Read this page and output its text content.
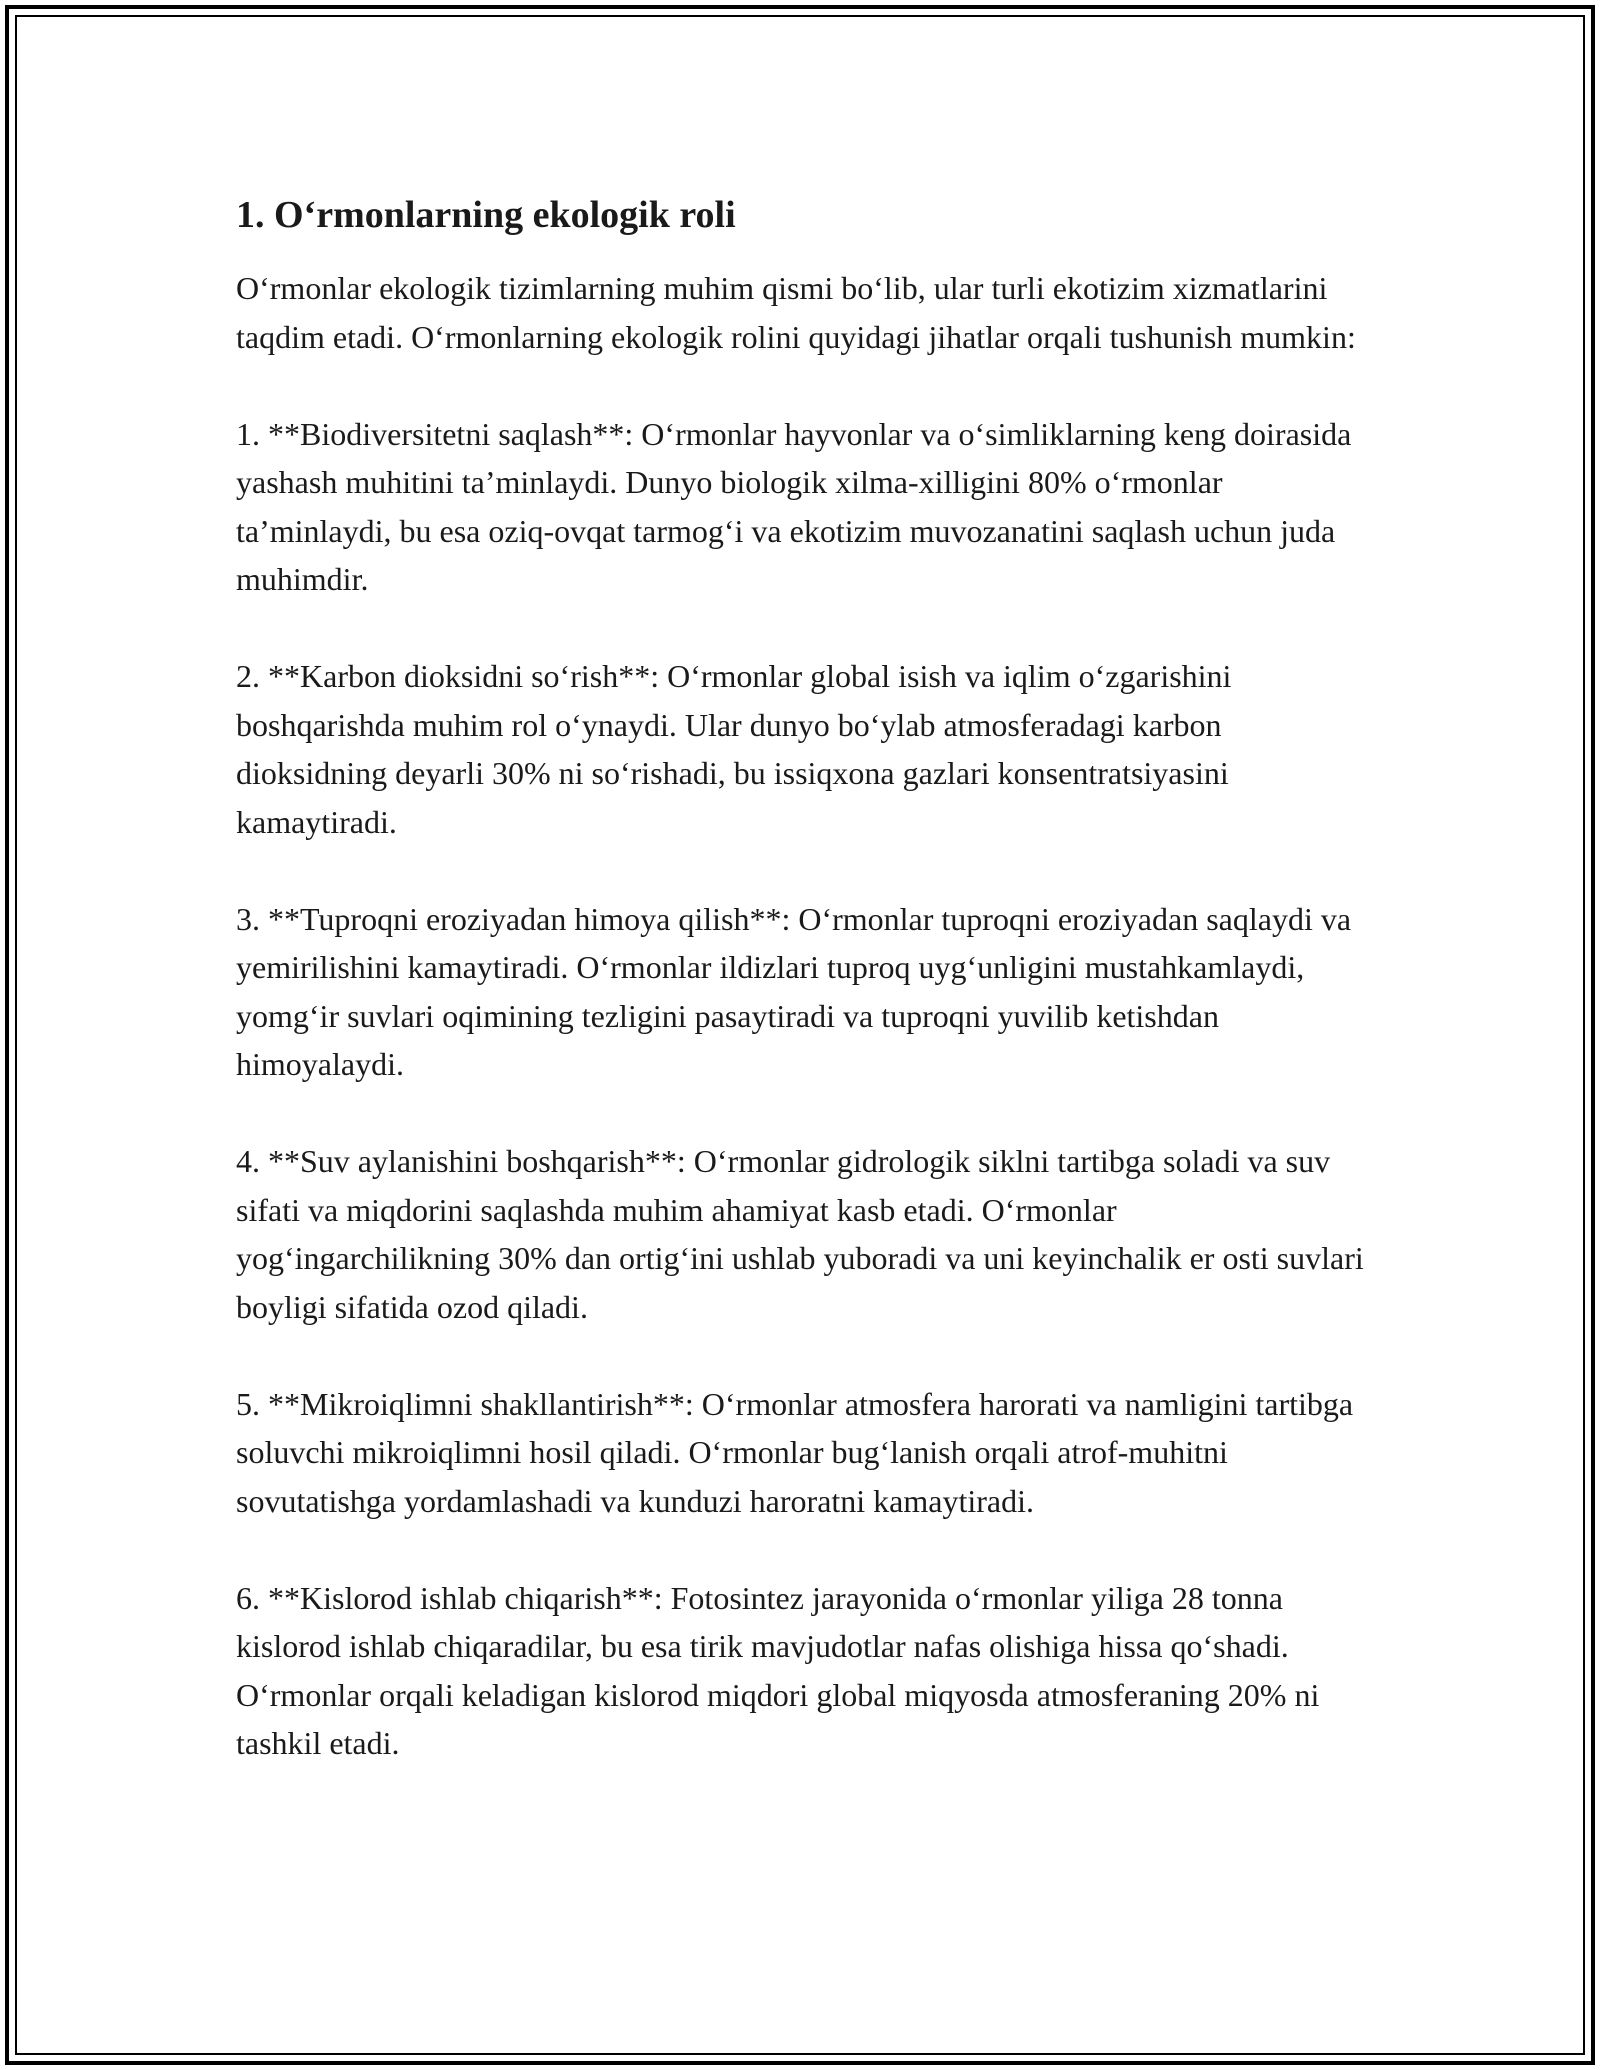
1. O‘rmonlarning ekologik roli

O‘rmonlar ekologik tizimlarning muhim qismi bo‘lib, ular turli ekotizim xizmatlarini taqdim etadi. O‘rmonlarning ekologik rolini quyidagi jihatlar orqali tushunish mumkin:

1. **Biodiversitetni saqlash**: O‘rmonlar hayvonlar va o‘simliklarning keng doirasida yashash muhitini ta’minlaydi. Dunyo biologik xilma-xilligini 80% o‘rmonlar ta’minlaydi, bu esa oziq-ovqat tarmog‘i va ekotizim muvozanatini saqlash uchun juda muhimdir.

2. **Karbon dioksidni so‘rish**: O‘rmonlar global isish va iqlim o‘zgarishini boshqarishda muhim rol o‘ynaydi. Ular dunyo bo‘ylab atmosferadagi karbon dioksidning deyarli 30% ni so‘rishadi, bu issiqxona gazlari konsentratsiyasini kamaytiradi.

3. **Tuproqni eroziyadan himoya qilish**: O‘rmonlar tuproqni eroziyadan saqlaydi va yemirilishini kamaytiradi. O‘rmonlar ildizlari tuproq uyg‘unligini mustahkamlaydi, yomg‘ir suvlari oqimining tezligini pasaytiradi va tuproqni yuvilib ketishdan himoyalaydi.

4. **Suv aylanishini boshqarish**: O‘rmonlar gidrologik siklni tartibga soladi va suv sifati va miqdorini saqlashda muhim ahamiyat kasb etadi. O‘rmonlar yog‘ingarchilikning 30% dan ortig‘ini ushlab yuboradi va uni keyinchalik er osti suvlari boyligi sifatida ozod qiladi.

5. **Mikroiqlimni shakllantirish**: O‘rmonlar atmosfera harorati va namligini tartibga soluvchi mikroiqlimni hosil qiladi. O‘rmonlar bug‘lanish orqali atrof-muhitni sovutatishga yordamlashadi va kunduzi haroratni kamaytiradi.

6. **Kislorod ishlab chiqarish**: Fotosintez jarayonida o‘rmonlar yiliga 28 tonna kislorod ishlab chiqaradilar, bu esa tirik mavjudotlar nafas olishiga hissa qo‘shadi. O‘rmonlar orqali keladigan kislorod miqdori global miqyosda atmosferaning 20% ni tashkil etadi.
